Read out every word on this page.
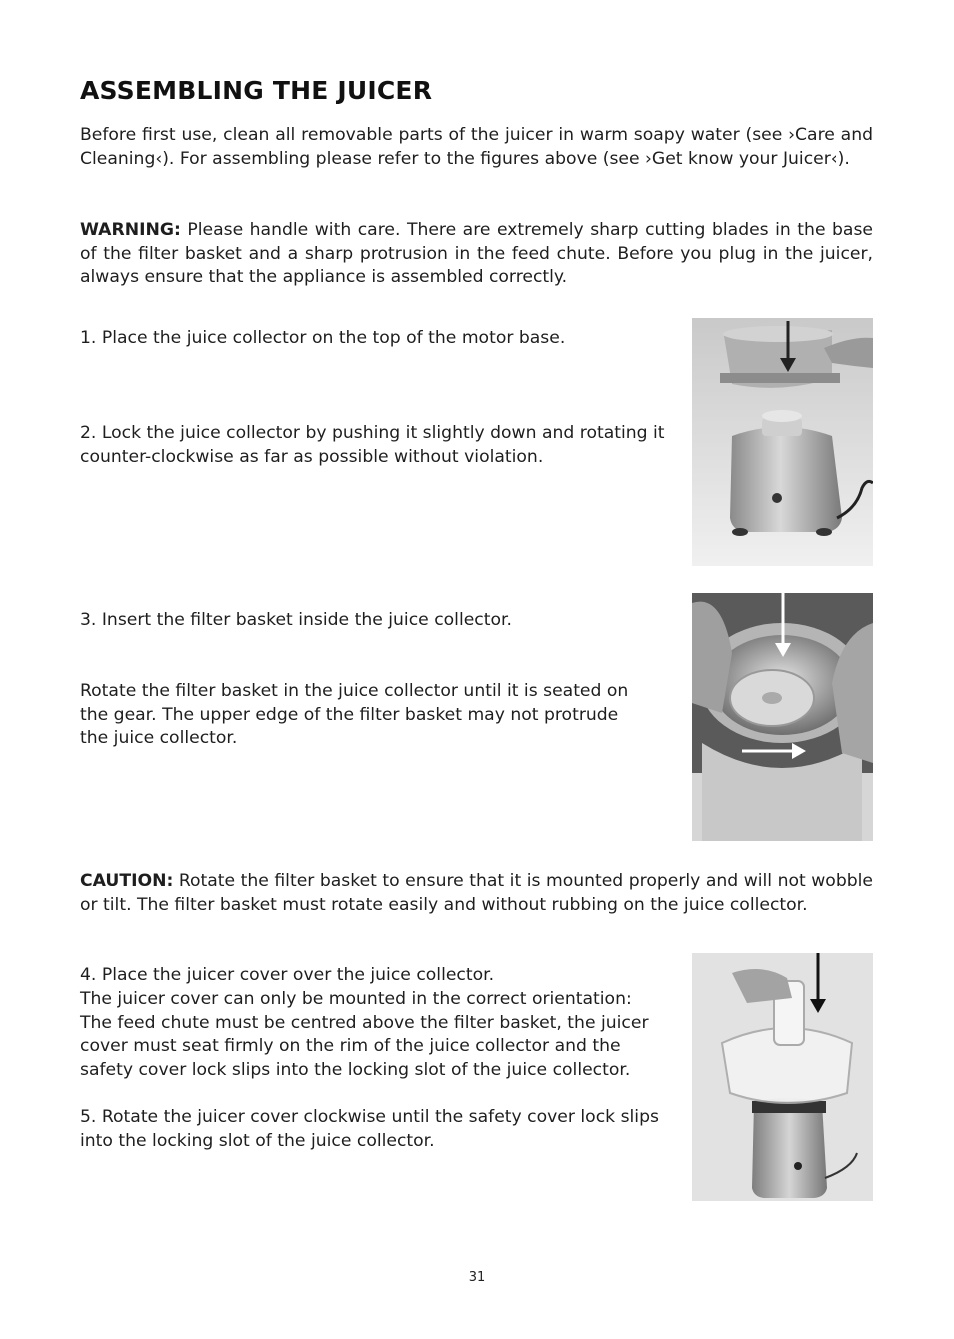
ASSEMBLING THE JUICER

Before first use, clean all removable parts of the juicer in warm soapy water (see ›Care and Cleaning‹). For assembling please refer to the figures above (see ›Get know your Juicer‹).

WARNING: Please handle with care. There are extremely sharp cutting blades in the base of the filter basket and a sharp protrusion in the feed chute. Before you plug in the juicer, always ensure that the appliance is assembled correctly.

1. Place the juice collector on the top of the motor base.

2. Lock the juice collector by pushing it slightly down and rotating it counter-clockwise as far as possible without violation.

3. Insert the filter basket inside the juice collector.

Rotate the filter basket in the juice collector until it is seated on the gear. The upper edge of the filter basket may not protrude the juice collector.

CAUTION: Rotate the filter basket to ensure that it is mounted properly and will not wobble or tilt. The filter basket must rotate easily and without rubbing on the juice collector.

4. Place the juicer cover over the juice collector.

The juicer cover can only be mounted in the correct orientation: The feed chute must be centred above the filter basket, the juicer cover must seat firmly on the rim of the juice collector and the safety cover lock slips into the locking slot of the juice collector.

5. Rotate the juicer cover clockwise until the safety cover lock slips into the locking slot of the juice collector.

31
